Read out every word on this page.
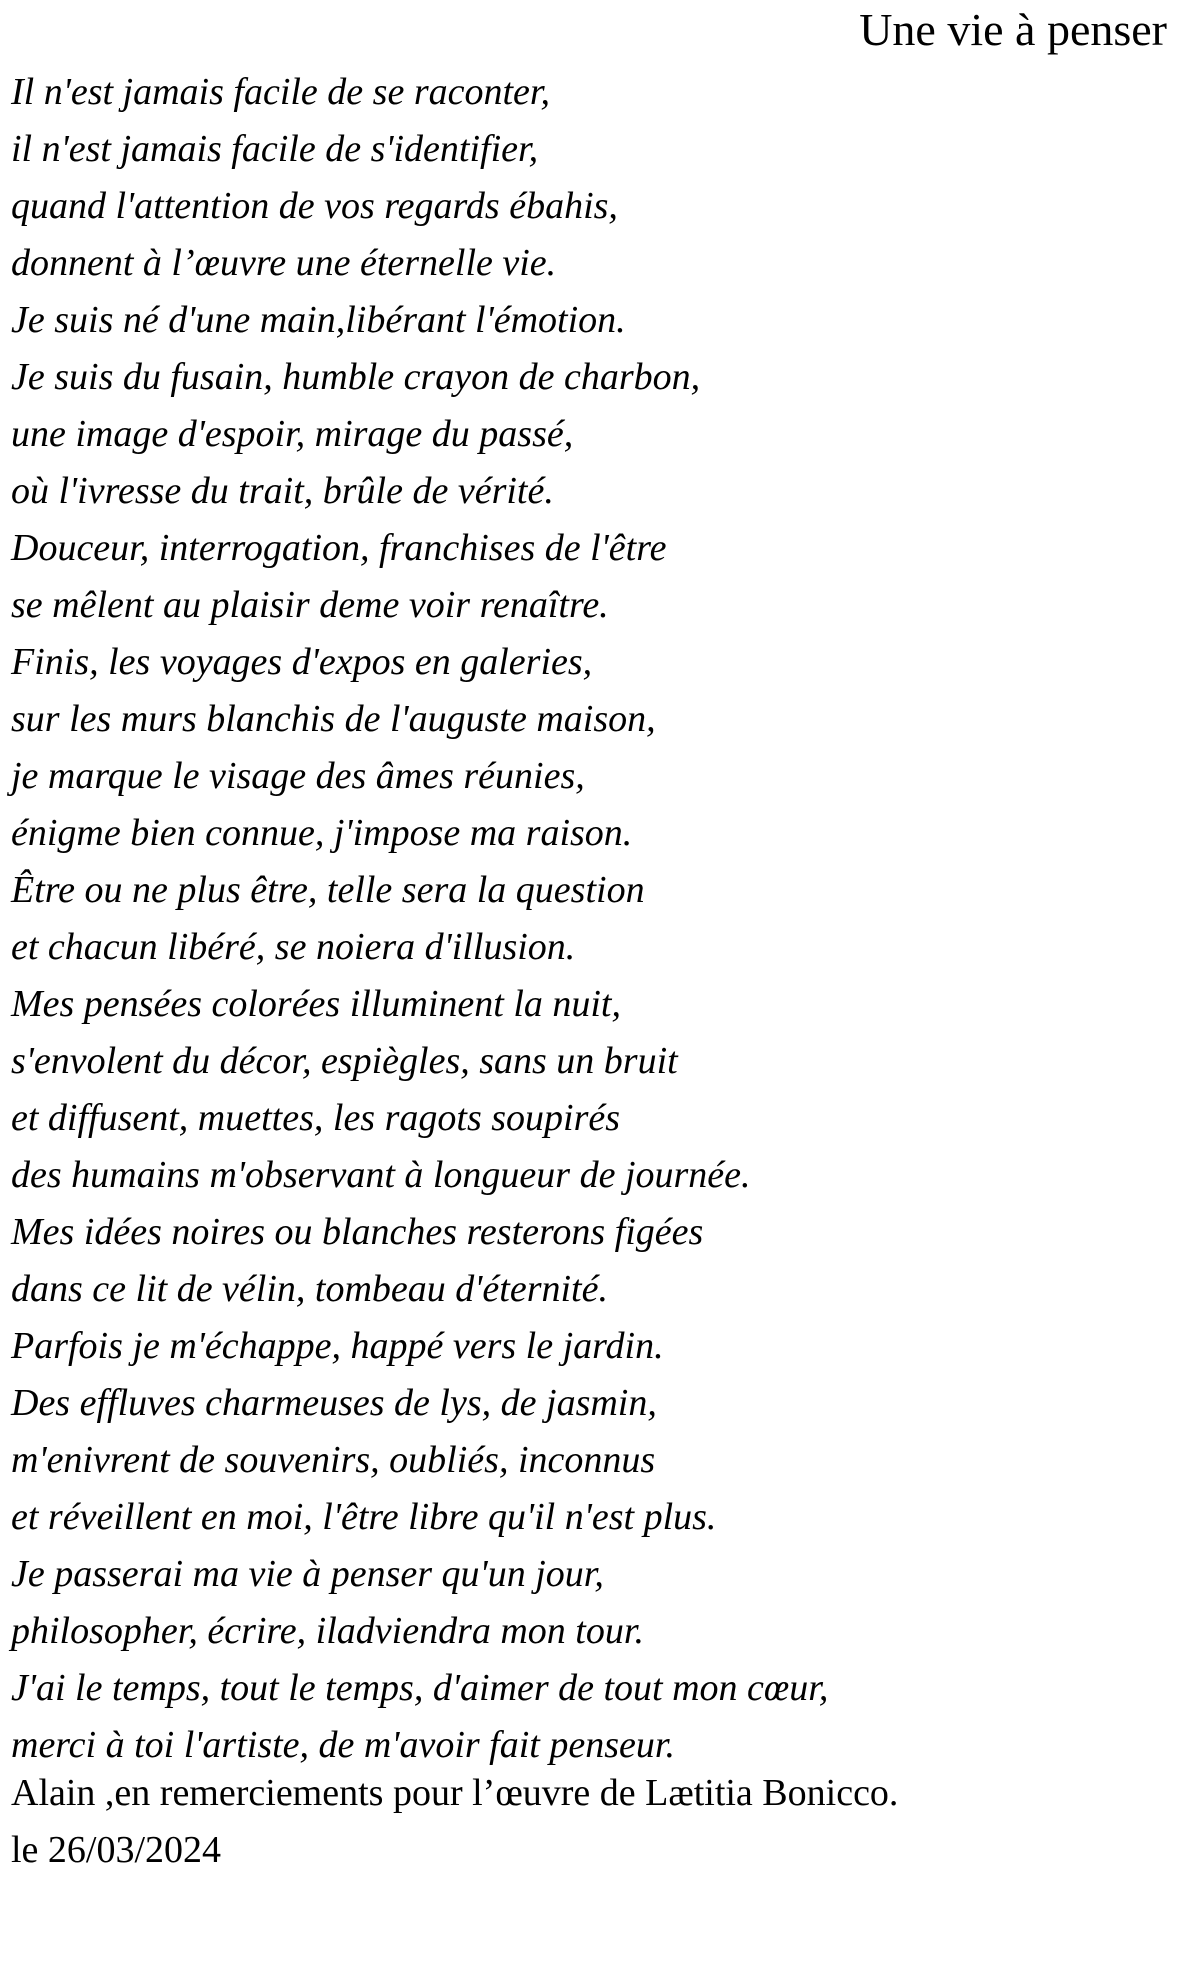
Une vie à penser
Il n'est jamais facile de se raconter,
il n'est jamais facile de s'identifier,
quand l'attention de vos regards ébahis,
donnent à l’œuvre une éternelle vie.
Je suis né d'une main,libérant l'émotion.
Je suis du fusain, humble crayon de charbon,
une image d'espoir, mirage du passé,
où l'ivresse du trait, brûle de vérité.
Douceur, interrogation, franchises de l'être
se mêlent au plaisir deme voir renaître.
Finis, les voyages d'expos en galeries,
sur les murs blanchis de l'auguste maison,
je marque le visage des âmes réunies,
énigme bien connue, j'impose ma raison.
Être ou ne plus être, telle sera la question
et chacun libéré, se noiera d'illusion.
Mes pensées colorées illuminent la nuit,
s'envolent du décor, espiègles, sans un bruit
et diffusent, muettes, les ragots soupirés
des humains m'observant à longueur de journée.
Mes idées noires ou blanches resterons figées
dans ce lit de vélin, tombeau d'éternité.
Parfois je m'échappe, happé vers le jardin.
Des effluves charmeuses de lys, de jasmin,
m'enivrent de souvenirs, oubliés, inconnus
et réveillent en moi, l'être libre qu'il n'est plus.
Je passerai ma vie à penser qu'un jour,
philosopher, écrire, iladviendra mon tour.
J'ai le temps, tout le temps, d'aimer de tout mon cœur,
merci à toi l'artiste, de m'avoir fait penseur.
Alain ,en remerciements pour l’œuvre de Lætitia Bonicco.
le 26/03/2024
